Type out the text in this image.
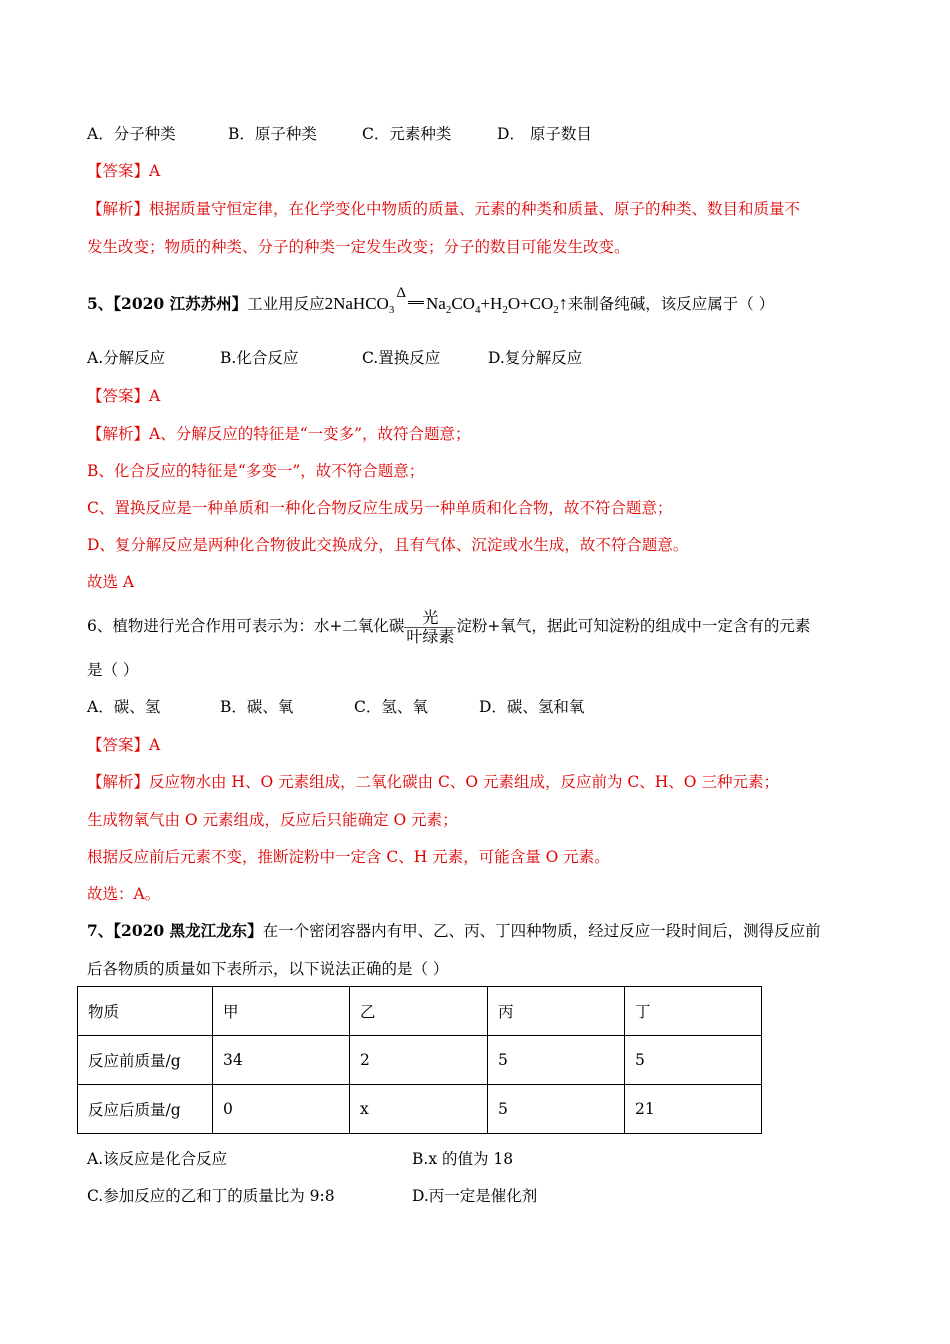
A．分子种类	B．原子种类	C．元素种类	D． 原子数目
【答案】A
【解析】根据质量守恒定律，在化学变化中物质的质量、元素的种类和质量、原子的种类、数目和质量不
发生改变；物质的种类、分子的种类一定发生改变；分子的数目可能发生改变。
5、【2020 江苏苏州】工业用反应2NaHCO$_3$Δ
$Na_2CO_4+H_2O+CO_2↑$来制备纯碱，该反应属于（ ）
A.分解反应	B.化合反应	C.置换反应	D.复分解反应
【答案】A
【解析】A、分解反应的特征是“一变多”，故符合题意；
B、化合反应的特征是“多变一”，故不符合题意；
C、置换反应是一种单质和一种化合物反应生成另一种单质和化合物，故不符合题意；
D、复分解反应是两种化合物彼此交换成分，且有气体、沉淀或水生成，故不符合题意。
故选 A
6、植物进行光合作用可表示为：水+二氧化碳 $\frac{\text{光}}{\text{叶绿素}}$ 淀粉+氧气，据此可知淀粉的组成中一定含有的元素
是（ ）
A．碳、氢	B．碳、氧	C．氢、氧	D．碳、氢和氧
【答案】A
【解析】反应物水由 H、O 元素组成，二氧化碳由 C、O 元素组成，反应前为 C、H、O 三种元素；
生成物氧气由 O 元素组成，反应后只能确定 O 元素；
根据反应前后元素不变，推断淀粉中一定含 C、H 元素，可能含量 O 元素。
故选：A。
7、【2020 黑龙江龙东】在一个密闭容器内有甲、乙、丙、丁四种物质，经过反应一段时间后，测得反应前
后各物质的质量如下表所示，以下说法正确的是（ ）
物质	甲	乙	丙	丁
反应前质量/g	34	2	5	5
反应后质量/g	0	x	5	21
A.该反应是化合反应	B.x 的值为 18
C.参加反应的乙和丁的质量比为 9:8	D.丙一定是催化剂
